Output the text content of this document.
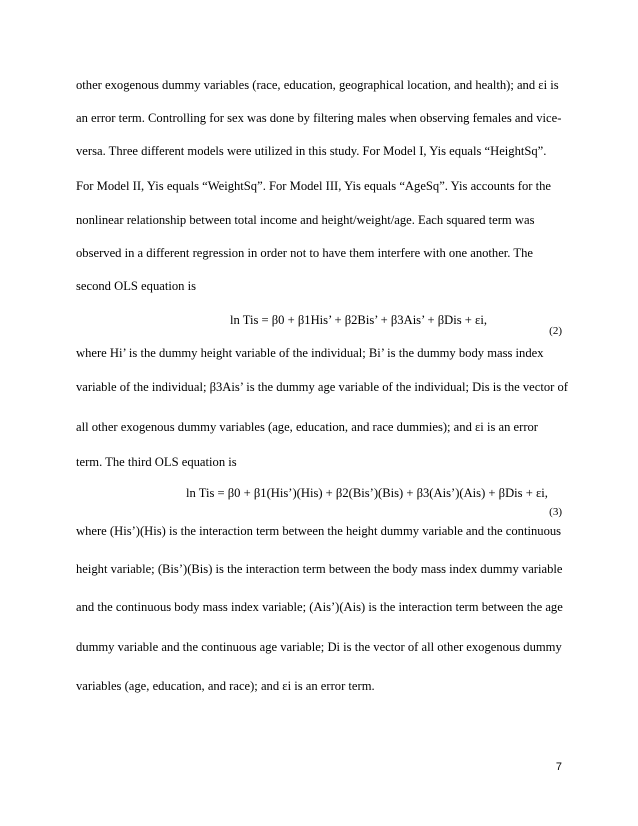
other exogenous dummy variables (race, education, geographical location, and health); and εi is
an error term. Controlling for sex was done by filtering males when observing females and vice-
versa. Three different models were utilized in this study. For Model I, Yis equals “HeightSq”.
For Model II, Yis equals “WeightSq”. For Model III, Yis equals “AgeSq”. Yis accounts for the
nonlinear relationship between total income and height/weight/age. Each squared term was
observed in a different regression in order not to have them interfere with one another. The
second OLS equation is
ln Tis = β0 + β1His’ + β2Bis’ + β3Ais’ + βDis + εi,
(2)
where Hi’ is the dummy height variable of the individual; Bi’ is the dummy body mass index
variable of the individual; β3Ais’ is the dummy age variable of the individual; Dis is the vector of
all other exogenous dummy variables (age, education, and race dummies); and εi is an error
term. The third OLS equation is
ln Tis = β0 + β1(His’)(His) + β2(Bis’)(Bis) + β3(Ais’)(Ais) + βDis + εi,
(3)
where (His’)(His) is the interaction term between the height dummy variable and the continuous
height variable; (Bis’)(Bis) is the interaction term between the body mass index dummy variable
and the continuous body mass index variable; (Ais’)(Ais) is the interaction term between the age
dummy variable and the continuous age variable; Di is the vector of all other exogenous dummy
variables (age, education, and race); and εi is an error term.
7
